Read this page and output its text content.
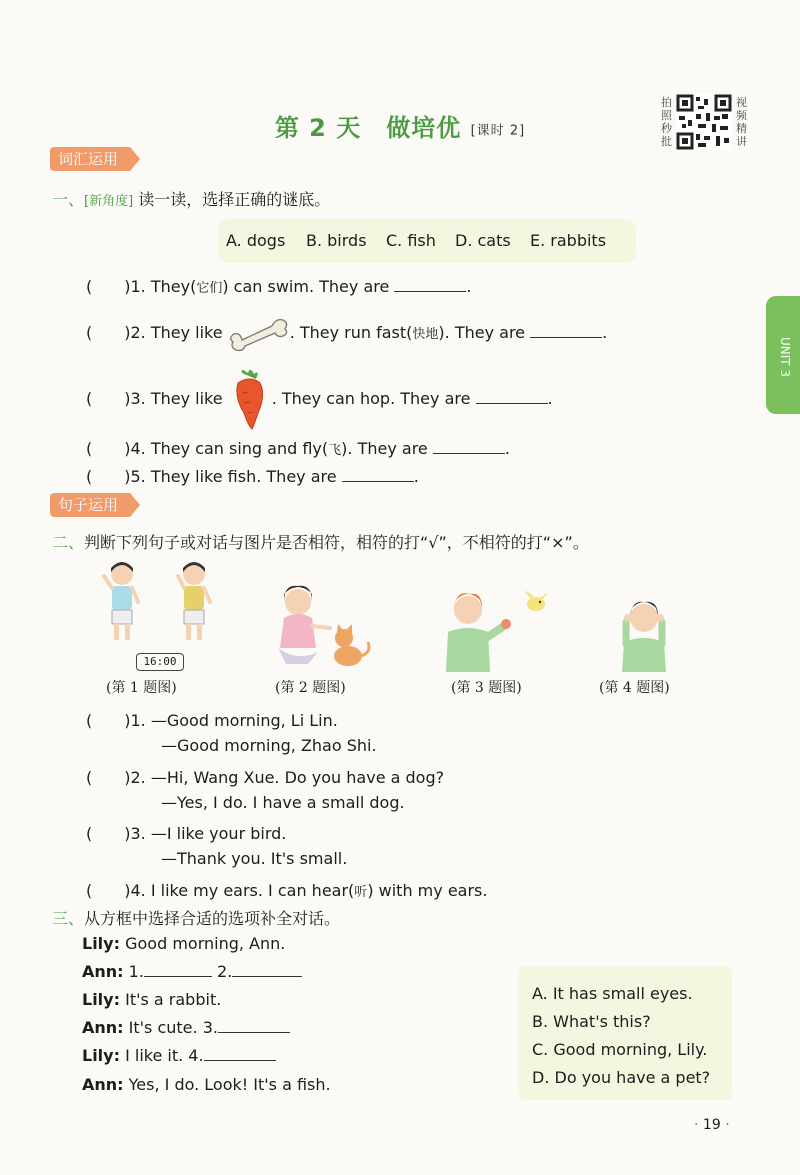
第 2 天　做培优 [课时 2]
拍照秒批
视频精讲
UNIT 3
词汇运用
一、[新角度] 读一读，选择正确的谜底。
A. dogs B. birds C. fish D. cats E. rabbits
(　　)1. They(它们) can swim. They are	.
(　　)2. They like	. They run fast(快地). They are	.
(　　)3. They like	. They can hop. They are	.
(　　)4. They can sing and fly(飞). They are	.
(　　)5. They like fish. They are	.
句子运用
二、判断下列句子或对话与图片是否相符，相符的打“√”，不相符的打“×”。
16:00
(第 1 题图)	(第 2 题图)	(第 3 题图)	(第 4 题图)
(　　)1. —Good morning, Li Lin.
—Good morning, Zhao Shi.
(　　)2. —Hi, Wang Xue. Do you have a dog?
—Yes, I do. I have a small dog.
(　　)3. —I like your bird.
—Thank you. It's small.
(　　)4. I like my ears. I can hear(听) with my ears.
三、从方框中选择合适的选项补全对话。
Lily: Good morning, Ann.
Ann: 1.	2.
Lily: It's a rabbit.
Ann: It's cute. 3.
Lily: I like it. 4.
Ann: Yes, I do. Look! It's a fish.
A. It has small eyes.
B. What's this?
C. Good morning, Lily.
D. Do you have a pet?
· 19 ·
